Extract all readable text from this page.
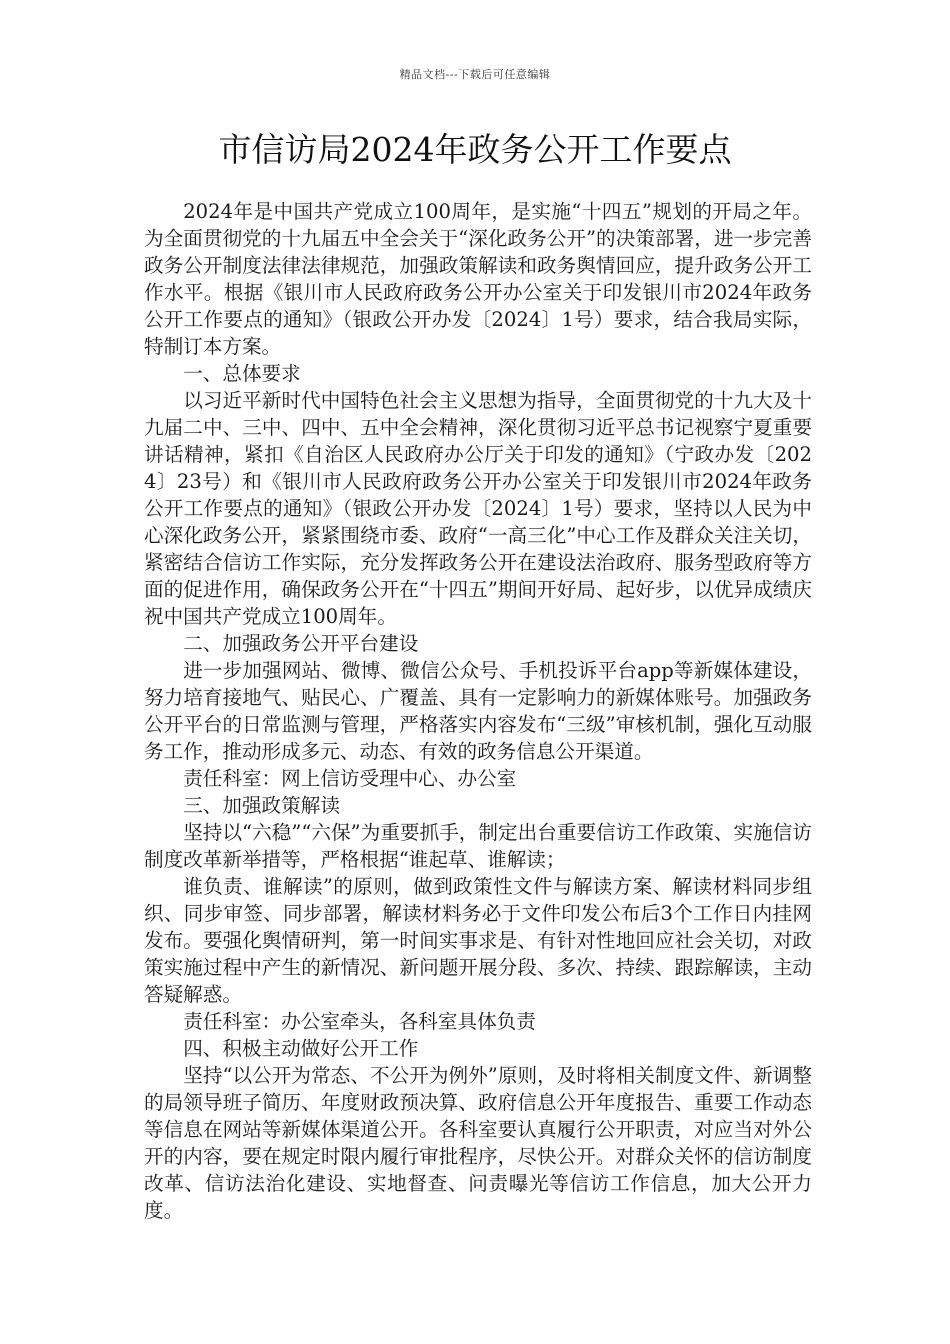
精品文档---下载后可任意编辑
市信访局2024年政务公开工作要点

2024年是中国共产党成立100周年，是实施“十四五”规划的开局之年。为全面贯彻党的十九届五中全会关于“深化政务公开”的决策部署，进一步完善政务公开制度法律法律规范，加强政策解读和政务舆情回应，提升政务公开工作水平。根据《银川市人民政府政务公开办公室关于印发银川市2024年政务公开工作要点的通知》（银政公开办发〔2024〕1号）要求，结合我局实际，特制订本方案。

一、总体要求

以习近平新时代中国特色社会主义思想为指导，全面贯彻党的十九大及十九届二中、三中、四中、五中全会精神，深化贯彻习近平总书记视察宁夏重要讲话精神，紧扣《自治区人民政府办公厅关于印发的通知》（宁政办发〔2024〕23号）和《银川市人民政府政务公开办公室关于印发银川市2024年政务公开工作要点的通知》（银政公开办发〔2024〕1号）要求，坚持以人民为中心深化政务公开，紧紧围绕市委、政府“一高三化”中心工作及群众关注关切，紧密结合信访工作实际，充分发挥政务公开在建设法治政府、服务型政府等方面的促进作用，确保政务公开在“十四五”期间开好局、起好步，以优异成绩庆祝中国共产党成立100周年。

二、加强政务公开平台建设

进一步加强网站、微博、微信公众号、手机投诉平台app等新媒体建设，努力培育接地气、贴民心、广覆盖、具有一定影响力的新媒体账号。加强政务公开平台的日常监测与管理，严格落实内容发布“三级”审核机制，强化互动服务工作，推动形成多元、动态、有效的政务信息公开渠道。

责任科室：网上信访受理中心、办公室

三、加强政策解读

坚持以“六稳”“六保”为重要抓手，制定出台重要信访工作政策、实施信访制度改革新举措等，严格根据“谁起草、谁解读；

谁负责、谁解读”的原则，做到政策性文件与解读方案、解读材料同步组织、同步审签、同步部署，解读材料务必于文件印发公布后3个工作日内挂网发布。要强化舆情研判，第一时间实事求是、有针对性地回应社会关切，对政策实施过程中产生的新情况、新问题开展分段、多次、持续、跟踪解读，主动答疑解惑。

责任科室：办公室牵头，各科室具体负责

四、积极主动做好公开工作

坚持“以公开为常态、不公开为例外”原则，及时将相关制度文件、新调整的局领导班子简历、年度财政预决算、政府信息公开年度报告、重要工作动态等信息在网站等新媒体渠道公开。各科室要认真履行公开职责，对应当对外公开的内容，要在规定时限内履行审批程序，尽快公开。对群众关怀的信访制度改革、信访法治化建设、实地督查、问责曝光等信访工作信息，加大公开力度。
